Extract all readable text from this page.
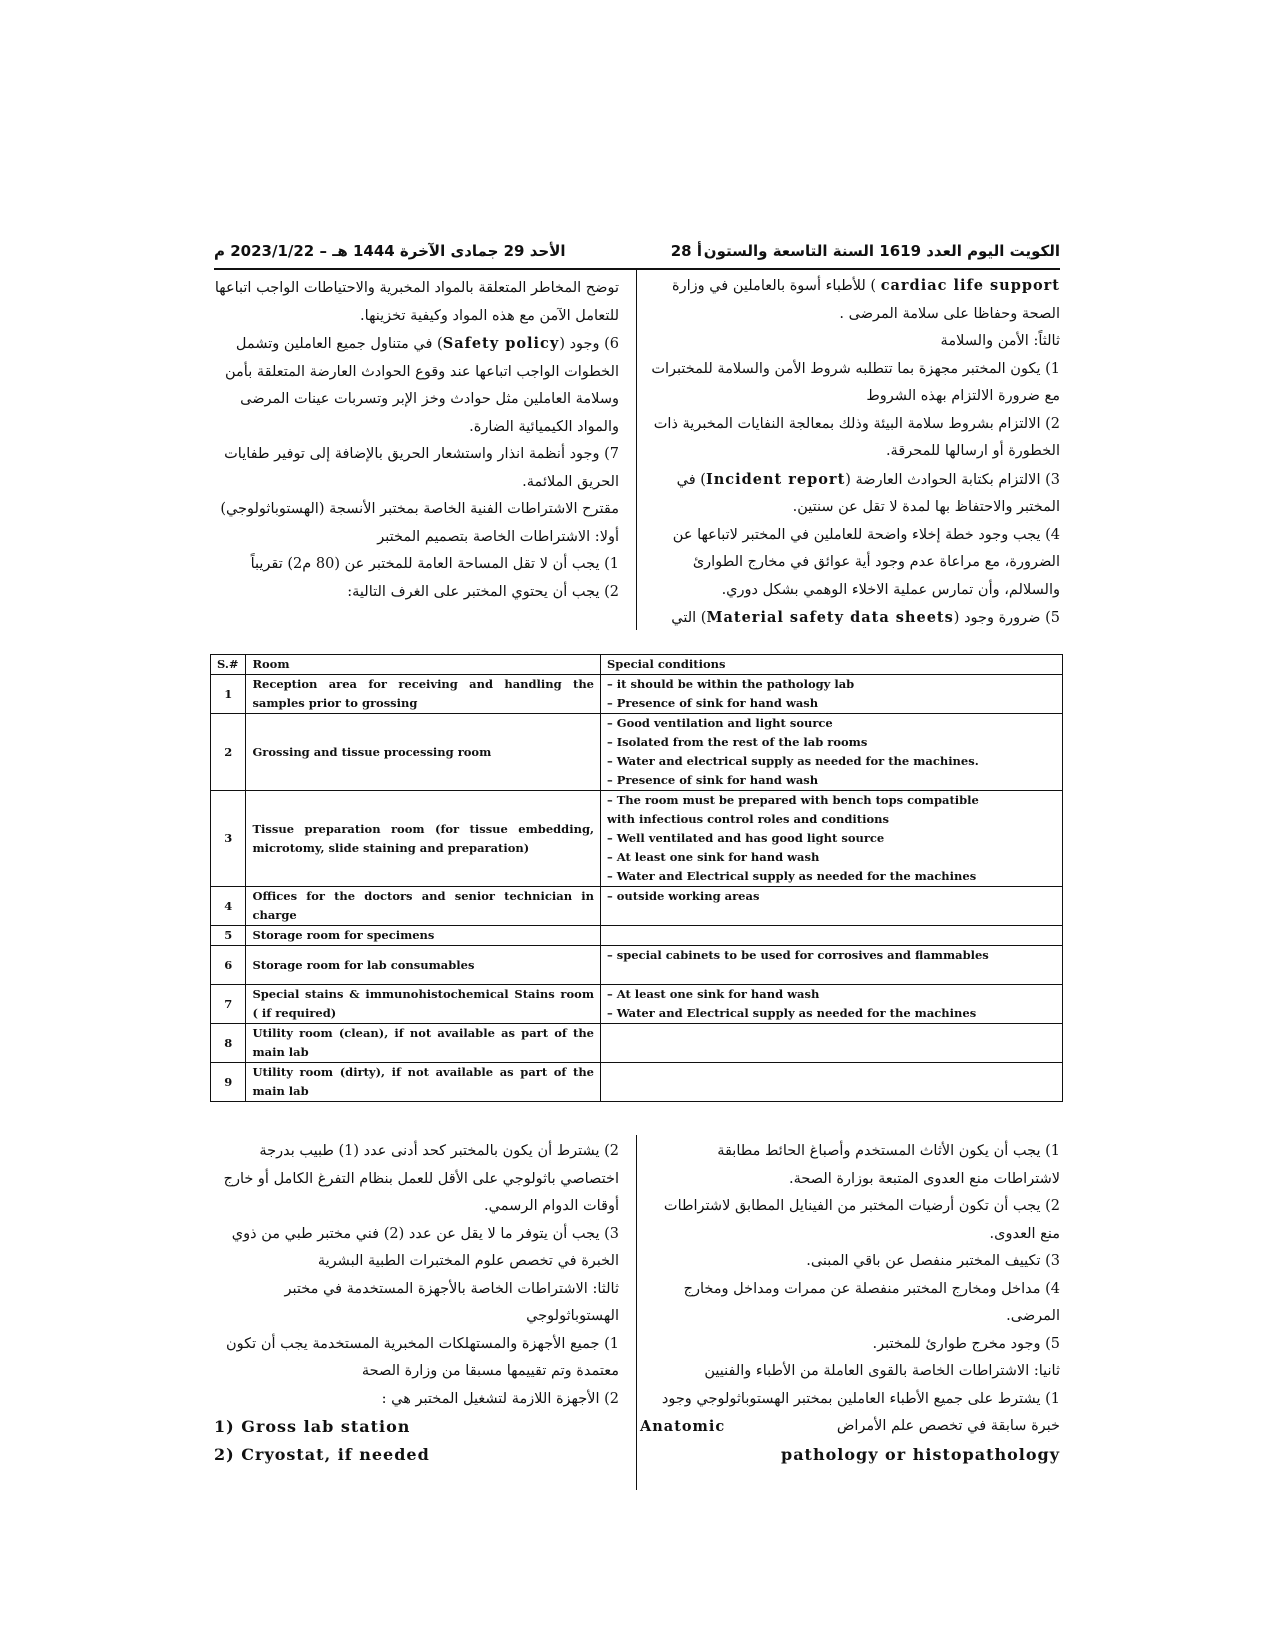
الكويت اليوم العدد 1619 السنة التاسعة والستون
أ 28
الأحد 29 جمادى الآخرة 1444 هـ – 2023/1/22 م

cardiac life support ) للأطباء أسوة بالعاملين في وزارة

الصحة وحفاظا على سلامة المرضى .

ثالثاً: الأمن والسلامة

1) يكون المختبر مجهزة بما تتطلبه شروط الأمن والسلامة للمختبرات

مع ضرورة الالتزام بهذه الشروط

2) الالتزام بشروط سلامة البيئة وذلك بمعالجة النفايات المخبرية ذات

الخطورة أو ارسالها للمحرقة.

3) الالتزام بكتابة الحوادث العارضة (Incident report) في

المختبر والاحتفاظ بها لمدة لا تقل عن سنتين.

4) يجب وجود خطة إخلاء واضحة للعاملين في المختبر لاتباعها عن

الضرورة، مع مراعاة عدم وجود أية عوائق في مخارج الطوارئ

والسلالم، وأن تمارس عملية الاخلاء الوهمي بشكل دوري.

5) ضرورة وجود (Material safety data sheets) التي

توضح المخاطر المتعلقة بالمواد المخبرية والاحتياطات الواجب اتباعها

للتعامل الآمن مع هذه المواد وكيفية تخزينها.

6) وجود (Safety policy) في متناول جميع العاملين وتشمل

الخطوات الواجب اتباعها عند وقوع الحوادث العارضة المتعلقة بأمن

وسلامة العاملين مثل حوادث وخز الإبر وتسربات عينات المرضى

والمواد الكيميائية الضارة.

7) وجود أنظمة انذار واستشعار الحريق بالإضافة إلى توفير طفايات

الحريق الملائمة.

مقترح الاشتراطات الفنية الخاصة بمختبر الأنسجة (الهستوباثولوجي)

أولا: الاشتراطات الخاصة بتصميم المختبر

1) يجب أن لا تقل المساحة العامة للمختبر عن (80 م2) تقريباً

2) يجب أن يحتوي المختبر على الغرف التالية:

S.#	Room	Special conditions
1	Reception area for receiving and handling the samples prior to grossing	– it should be within the pathology lab
– Presence of sink for hand wash

2	Grossing and tissue processing room	– Good ventilation and light source
– Isolated from the rest of the lab rooms
– Water and electrical supply as needed for the machines.
– Presence of sink for hand wash

3	Tissue preparation room (for tissue embedding, microtomy, slide staining and preparation)	– The room must be prepared with bench tops compatible
with infectious control roles and conditions
– Well ventilated and has good light source
– At least one sink for hand wash
– Water and Electrical supply as needed for the machines

4	Offices for the doctors and senior technician in charge	– outside working areas

5	Storage room for specimens	
6	Storage room for lab consumables	– special cabinets to be used for corrosives and flammables

7	Special stains & immunohistochemical Stains room ( if required)	– At least one sink for hand wash
– Water and Electrical supply as needed for the machines

8	Utility room (clean), if not available as part of the main lab	
9	Utility room (dirty), if not available as part of the main lab	

1) يجب أن يكون الأثاث المستخدم وأصباغ الحائط مطابقة

لاشتراطات منع العدوى المتبعة بوزارة الصحة.

2) يجب أن تكون أرضيات المختبر من الفينايل المطابق لاشتراطات

منع العدوى.

3) تكييف المختبر منفصل عن باقي المبنى.

4) مداخل ومخارج المختبر منفصلة عن ممرات ومداخل ومخارج

المرضى.

5) وجود مخرج طوارئ للمختبر.

ثانيا: الاشتراطات الخاصة بالقوى العاملة من الأطباء والفنيين

1) يشترط على جميع الأطباء العاملين بمختبر الهستوباثولوجي وجود

خبرة سابقة في تخصص علم الأمراض
Anatomic

pathology or histopathology

2) يشترط أن يكون بالمختبر كحد أدنى عدد (1) طبيب بدرجة

اختصاصي باثولوجي على الأقل للعمل بنظام التفرغ الكامل أو خارج

أوقات الدوام الرسمي.

3) يجب أن يتوفر ما لا يقل عن عدد (2) فني مختبر طبي من ذوي

الخبرة في تخصص علوم المختبرات الطبية البشرية

ثالثا: الاشتراطات الخاصة بالأجهزة المستخدمة في مختبر

الهستوباثولوجي

1) جميع الأجهزة والمستهلكات المخبرية المستخدمة يجب أن تكون

معتمدة وتم تقييمها مسبقا من وزارة الصحة

2) الأجهزة اللازمة لتشغيل المختبر هي :

1) Gross lab station

2) Cryostat, if needed
